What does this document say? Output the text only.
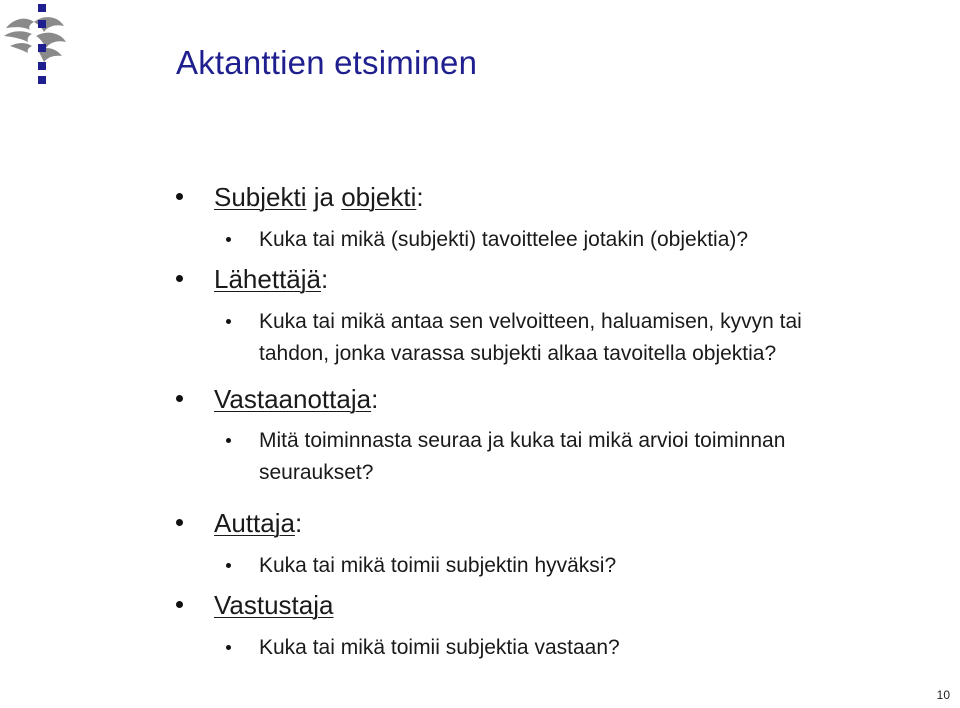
Aktanttien etsiminen
Subjekti ja objekti:
Kuka tai mikä (subjekti) tavoittelee jotakin (objektia)?
Lähettäjä:
Kuka tai mikä antaa sen velvoitteen, haluamisen, kyvyn tai
tahdon, jonka varassa subjekti alkaa tavoitella objektia?
Vastaanottaja:
Mitä toiminnasta seuraa ja kuka tai mikä arvioi toiminnan
seuraukset?
Auttaja:
Kuka tai mikä toimii subjektin hyväksi?
Vastustaja
Kuka tai mikä toimii subjektia vastaan?
10
